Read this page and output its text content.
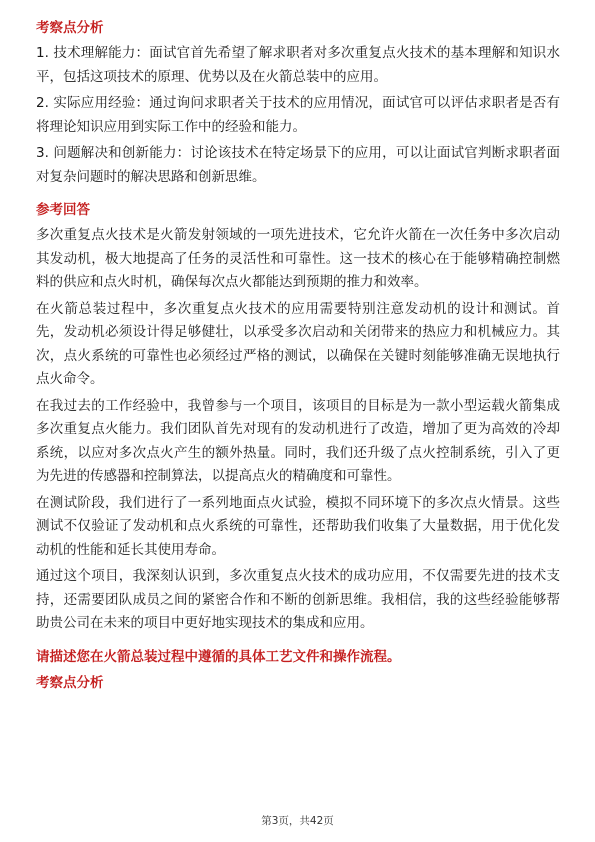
考察点分析

1. 技术理解能力：面试官首先希望了解求职者对多次重复点火技术的基本理解和知识水平，包括这项技术的原理、优势以及在火箭总装中的应用。

2. 实际应用经验：通过询问求职者关于技术的应用情况，面试官可以评估求职者是否有将理论知识应用到实际工作中的经验和能力。

3. 问题解决和创新能力：讨论该技术在特定场景下的应用，可以让面试官判断求职者面对复杂问题时的解决思路和创新思维。

参考回答

多次重复点火技术是火箭发射领域的一项先进技术，它允许火箭在一次任务中多次启动其发动机，极大地提高了任务的灵活性和可靠性。这一技术的核心在于能够精确控制燃料的供应和点火时机，确保每次点火都能达到预期的推力和效率。

在火箭总装过程中，多次重复点火技术的应用需要特别注意发动机的设计和测试。首先，发动机必须设计得足够健壮，以承受多次启动和关闭带来的热应力和机械应力。其次，点火系统的可靠性也必须经过严格的测试，以确保在关键时刻能够准确无误地执行点火命令。

在我过去的工作经验中，我曾参与一个项目，该项目的目标是为一款小型运载火箭集成多次重复点火能力。我们团队首先对现有的发动机进行了改造，增加了更为高效的冷却系统，以应对多次点火产生的额外热量。同时，我们还升级了点火控制系统，引入了更为先进的传感器和控制算法，以提高点火的精确度和可靠性。

在测试阶段，我们进行了一系列地面点火试验，模拟不同环境下的多次点火情景。这些测试不仅验证了发动机和点火系统的可靠性，还帮助我们收集了大量数据，用于优化发动机的性能和延长其使用寿命。

通过这个项目，我深刻认识到，多次重复点火技术的成功应用，不仅需要先进的技术支持，还需要团队成员之间的紧密合作和不断的创新思维。我相信，我的这些经验能够帮助贵公司在未来的项目中更好地实现技术的集成和应用。

请描述您在火箭总装过程中遵循的具体工艺文件和操作流程。

考察点分析

第3页，共42页
